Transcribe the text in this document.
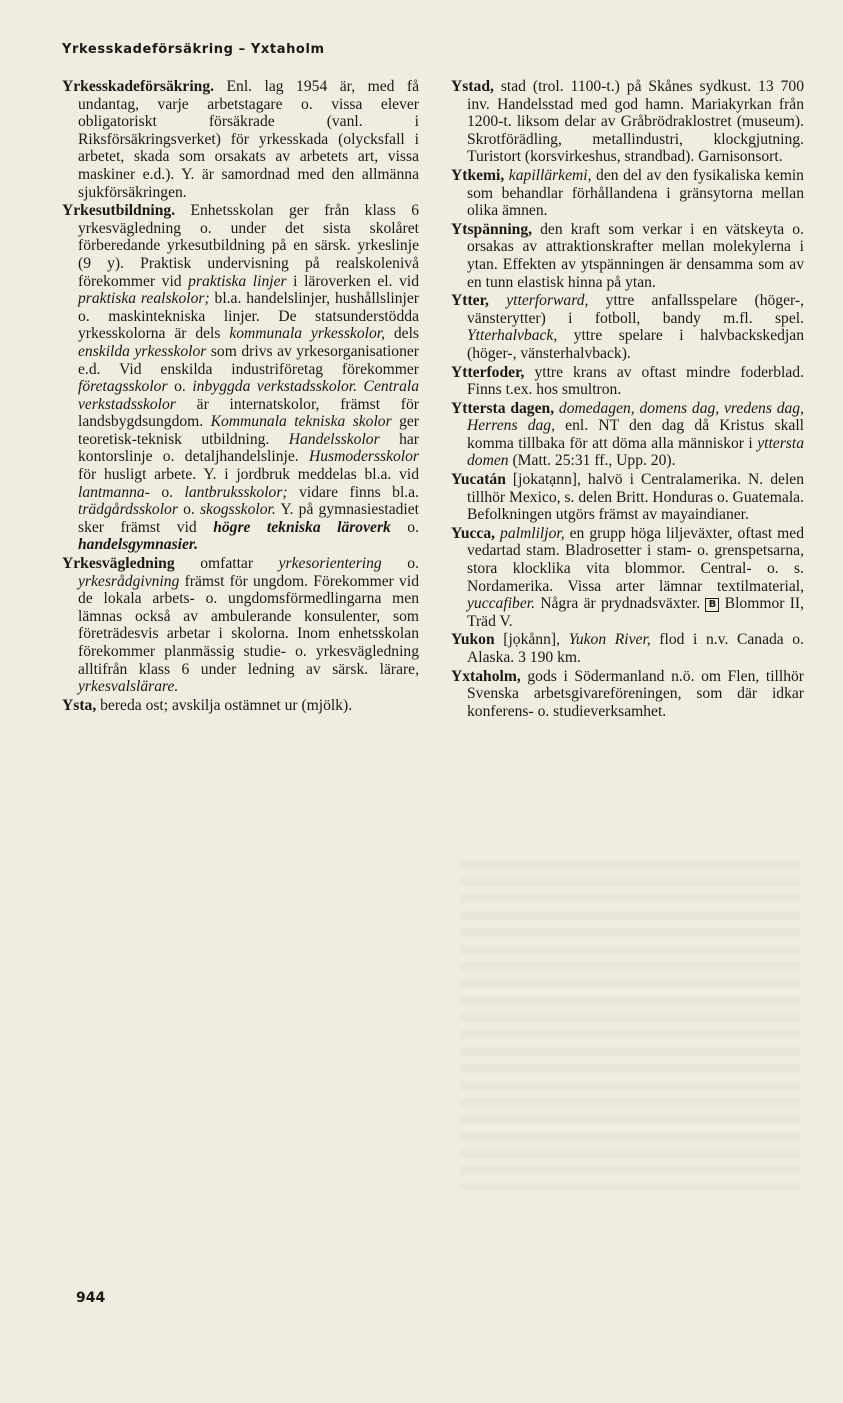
Yrkesskadeförsäkring – Yxtaholm

Yrkesskadeförsäkring. Enl. lag 1954 är, med få undantag, varje arbetstagare o. vissa elever obligatoriskt försäkrade (vanl. i Riksförsäkringsverket) för yrkesskada (olycksfall i arbetet, skada som orsakats av arbetets art, vissa maskiner e.d.). Y. är samordnad med den allmänna sjukförsäkringen.

Yrkesutbildning. Enhetsskolan ger från klass 6 yrkesvägledning o. under det sista skolåret förberedande yrkesutbildning på en särsk. yrkeslinje (9 y). Praktisk undervisning på realskolenivå förekommer vid praktiska linjer i läroverken el. vid praktiska realskolor; bl.a. handelslinjer, hushållslinjer o. maskintekniska linjer. De statsunderstödda yrkesskolorna är dels kommunala yrkesskolor, dels enskilda yrkesskolor som drivs av yrkesorganisationer e.d. Vid enskilda industriföretag förekommer företagsskolor o. inbyggda verkstadsskolor. Centrala verkstadsskolor är internatskolor, främst för landsbygdsungdom. Kommunala tekniska skolor ger teoretisk-teknisk utbildning. Handelsskolor har kontorslinje o. detaljhandelslinje. Husmodersskolor för husligt arbete. Y. i jordbruk meddelas bl.a. vid lantmanna- o. lantbruksskolor; vidare finns bl.a. trädgårdsskolor o. skogsskolor. Y. på gymnasiestadiet sker främst vid högre tekniska läroverk o. handelsgymnasier.

Yrkesvägledning omfattar yrkesorientering o. yrkesrådgivning främst för ungdom. Förekommer vid de lokala arbets- o. ungdomsförmedlingarna men lämnas också av ambulerande konsulenter, som företrädesvis arbetar i skolorna. Inom enhetsskolan förekommer planmässig studie- o. yrkesvägledning alltifrån klass 6 under ledning av särsk. lärare, yrkesvalslärare.

Ysta, bereda ost; avskilja ostämnet ur (mjölk).

Ystad, stad (trol. 1100-t.) på Skånes sydkust. 13 700 inv. Handelsstad med god hamn. Mariakyrkan från 1200-t. liksom delar av Gråbrödraklostret (museum). Skrotförädling, metallindustri, klockgjutning. Turistort (korsvirkeshus, strandbad). Garnisonsort.

Ytkemi, kapillärkemi, den del av den fysikaliska kemin som behandlar förhållandena i gränsytorna mellan olika ämnen.

Ytspänning, den kraft som verkar i en vätskeyta o. orsakas av attraktionskrafter mellan molekylerna i ytan. Effekten av ytspänningen är densamma som av en tunn elastisk hinna på ytan.

Ytter, ytterforward, yttre anfallsspelare (höger-, vänsterytter) i fotboll, bandy m.fl. spel. Ytterhalvback, yttre spelare i halvbackskedjan (höger-, vänsterhalvback).

Ytterfoder, yttre krans av oftast mindre foderblad. Finns t.ex. hos smultron.

Yttersta dagen, domedagen, domens dag, vredens dag, Herrens dag, enl. NT den dag då Kristus skall komma tillbaka för att döma alla människor i yttersta domen (Matt. 25:31 ff., Upp. 20).

Yucatán [jokatạnn], halvö i Centralamerika. N. delen tillhör Mexico, s. delen Britt. Honduras o. Guatemala. Befolkningen utgörs främst av mayaindianer.

Yucca, palmliljor, en grupp höga liljeväxter, oftast med vedartad stam. Bladrosetter i stam- o. grenspetsarna, stora klocklika vita blommor. Central- o. s. Nordamerika. Vissa arter lämnar textilmaterial, yuccafiber. Några är prydnadsväxter. B Blommor II, Träd V.

Yukon [jọkånn], Yukon River, flod i n.v. Canada o. Alaska. 3 190 km.

Yxtaholm, gods i Södermanland n.ö. om Flen, tillhör Svenska arbetsgivareföreningen, som där idkar konferens- o. studieverksamhet.

944
